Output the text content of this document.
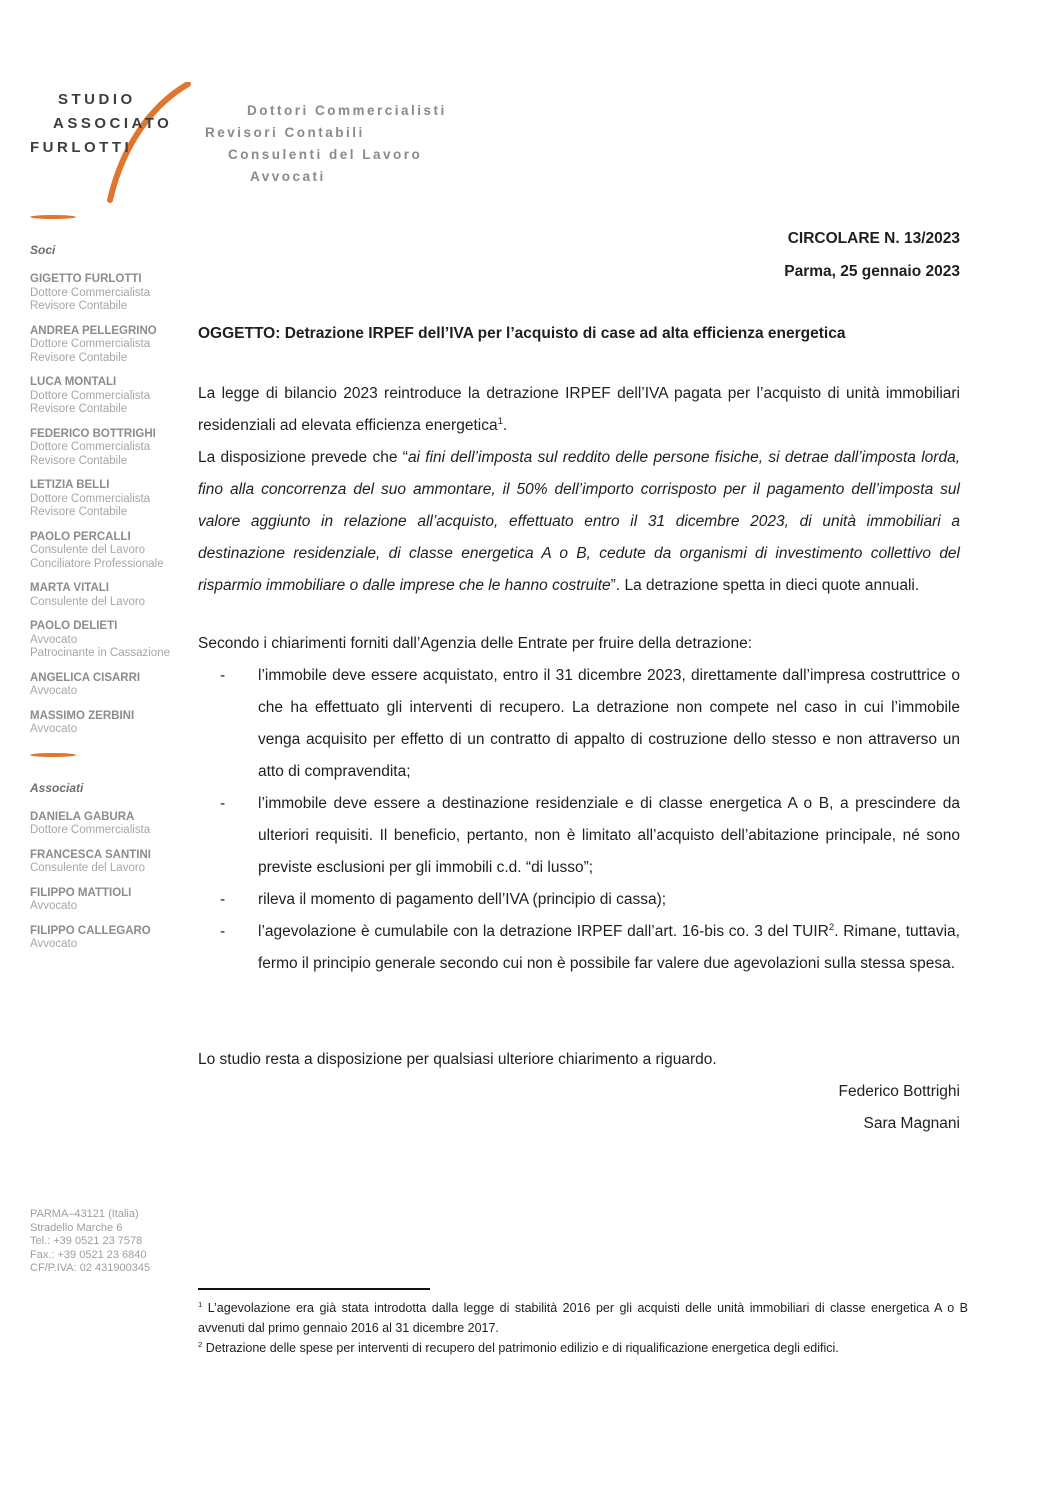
STUDIO
ASSOCIATO
FURLOTTI
Dottori Commercialisti
Revisori Contabili
Consulenti del Lavoro
Avvocati
Soci
GIGETTO FURLOTTI
Dottore Commercialista
Revisore Contabile
ANDREA PELLEGRINO
Dottore Commercialista
Revisore Contabile
LUCA MONTALI
Dottore Commercialista
Revisore Contabile
FEDERICO BOTTRIGHI
Dottore Commercialista
Revisore Contabile
LETIZIA BELLI
Dottore Commercialista
Revisore Contabile
PAOLO PERCALLI
Consulente del Lavoro
Conciliatore Professionale
MARTA VITALI
Consulente del Lavoro
PAOLO DELIETI
Avvocato
Patrocinante in Cassazione
ANGELICA CISARRI
Avvocato
MASSIMO ZERBINI
Avvocato
Associati
DANIELA GABURA
Dottore Commercialista
FRANCESCA SANTINI
Consulente del Lavoro
FILIPPO MATTIOLI
Avvocato
FILIPPO CALLEGARO
Avvocato
PARMA–43121 (Italia)
Stradello Marche 6
Tel.: +39 0521 23 7578
Fax.: +39 0521 23 6840
CF/P.IVA: 02 431900345
CIRCOLARE N. 13/2023
Parma, 25 gennaio 2023
OGGETTO: Detrazione IRPEF dell’IVA per l’acquisto di case ad alta efficienza energetica
La legge di bilancio 2023 reintroduce la detrazione IRPEF dell’IVA pagata per l’acquisto di unità immobiliari residenziali ad elevata efficienza energetica$^1$.
La disposizione prevede che “ai fini dell’imposta sul reddito delle persone fisiche, si detrae dall’imposta lorda, fino alla concorrenza del suo ammontare, il 50% dell’importo corrisposto per il pagamento dell’imposta sul valore aggiunto in relazione all’acquisto, effettuato entro il 31 dicembre 2023, di unità immobiliari a destinazione residenziale, di classe energetica A o B, cedute da organismi di investimento collettivo del risparmio immobiliare o dalle imprese che le hanno costruite”. La detrazione spetta in dieci quote annuali.
Secondo i chiarimenti forniti dall’Agenzia delle Entrate per fruire della detrazione:
- l’immobile deve essere acquistato, entro il 31 dicembre 2023, direttamente dall’impresa costruttrice o che ha effettuato gli interventi di recupero. La detrazione non compete nel caso in cui l’immobile venga acquisito per effetto di un contratto di appalto di costruzione dello stesso e non attraverso un atto di compravendita;
- l’immobile deve essere a destinazione residenziale e di classe energetica A o B, a prescindere da ulteriori requisiti. Il beneficio, pertanto, non è limitato all’acquisto dell’abitazione principale, né sono previste esclusioni per gli immobili c.d. “di lusso”;
- rileva il momento di pagamento dell’IVA (principio di cassa);
- l’agevolazione è cumulabile con la detrazione IRPEF dall’art. 16-bis co. 3 del TUIR$^2$. Rimane, tuttavia, fermo il principio generale secondo cui non è possibile far valere due agevolazioni sulla stessa spesa.
Lo studio resta a disposizione per qualsiasi ulteriore chiarimento a riguardo.
Federico Bottrighi
Sara Magnani
$^1$ L’agevolazione era già stata introdotta dalla legge di stabilità 2016 per gli acquisti delle unità immobiliari di classe energetica A o B avvenuti dal primo gennaio 2016 al 31 dicembre 2017.
$^2$ Detrazione delle spese per interventi di recupero del patrimonio edilizio e di riqualificazione energetica degli edifici.
